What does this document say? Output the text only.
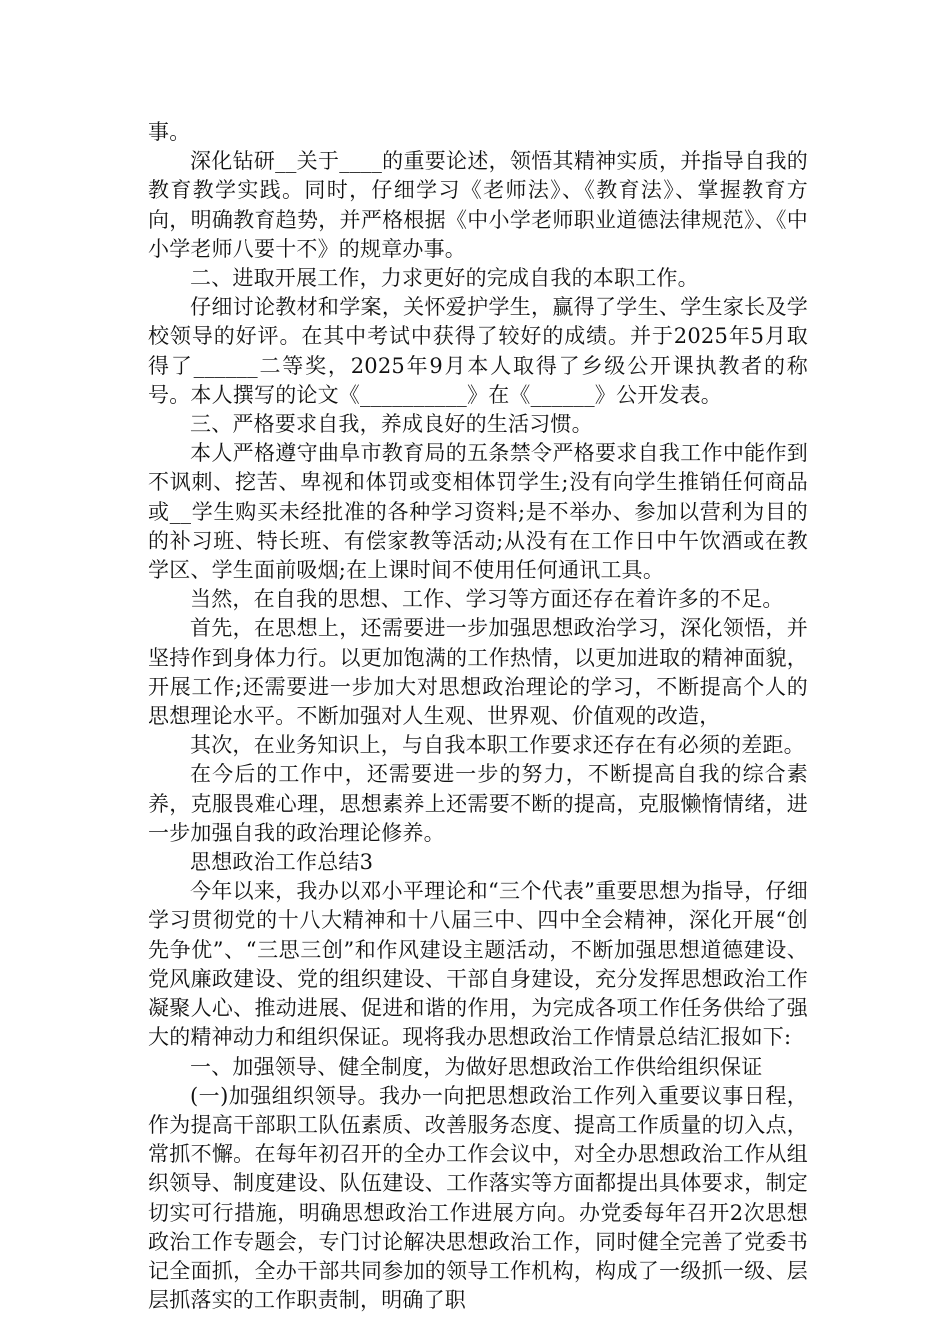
事。

深化钻研__关于____的重要论述，领悟其精神实质，并指导自我的教育教学实践。同时，仔细学习《老师法》、《教育法》、掌握教育方向，明确教育趋势，并严格根据《中小学老师职业道德法律规范》、《中小学老师八要十不》的规章办事。

二、进取开展工作，力求更好的完成自我的本职工作。

仔细讨论教材和学案，关怀爱护学生，赢得了学生、学生家长及学校领导的好评。在其中考试中获得了较好的成绩。并于2025年5月取得了______二等奖，2025年9月本人取得了乡级公开课执教者的称号。本人撰写的论文《__________》在《______》公开发表。

三、严格要求自我，养成良好的生活习惯。

本人严格遵守曲阜市教育局的五条禁令严格要求自我工作中能作到不讽刺、挖苦、卑视和体罚或变相体罚学生;没有向学生推销任何商品或__学生购买未经批准的各种学习资料;是不举办、参加以营利为目的的补习班、特长班、有偿家教等活动;从没有在工作日中午饮酒或在教学区、学生面前吸烟;在上课时间不使用任何通讯工具。

当然，在自我的思想、工作、学习等方面还存在着许多的不足。

首先，在思想上，还需要进一步加强思想政治学习，深化领悟，并坚持作到身体力行。以更加饱满的工作热情，以更加进取的精神面貌，开展工作;还需要进一步加大对思想政治理论的学习，不断提高个人的思想理论水平。不断加强对人生观、世界观、价值观的改造，

其次，在业务知识上，与自我本职工作要求还存在有必须的差距。

在今后的工作中，还需要进一步的努力，不断提高自我的综合素养，克服畏难心理，思想素养上还需要不断的提高，克服懒惰情绪，进一步加强自我的政治理论修养。

思想政治工作总结3

今年以来，我办以邓小平理论和“三个代表”重要思想为指导，仔细学习贯彻党的十八大精神和十八届三中、四中全会精神，深化开展“创先争优”、“三思三创”和作风建设主题活动，不断加强思想道德建设、党风廉政建设、党的组织建设、干部自身建设，充分发挥思想政治工作凝聚人心、推动进展、促进和谐的作用，为完成各项工作任务供给了强大的精神动力和组织保证。现将我办思想政治工作情景总结汇报如下:

一、加强领导、健全制度，为做好思想政治工作供给组织保证

(一)加强组织领导。我办一向把思想政治工作列入重要议事日程，作为提高干部职工队伍素质、改善服务态度、提高工作质量的切入点，常抓不懈。在每年初召开的全办工作会议中，对全办思想政治工作从组织领导、制度建设、队伍建设、工作落实等方面都提出具体要求，制定切实可行措施，明确思想政治工作进展方向。办党委每年召开2次思想政治工作专题会，专门讨论解决思想政治工作，同时健全完善了党委书记全面抓，全办干部共同参加的领导工作机构，构成了一级抓一级、层层抓落实的工作职责制，明确了职
